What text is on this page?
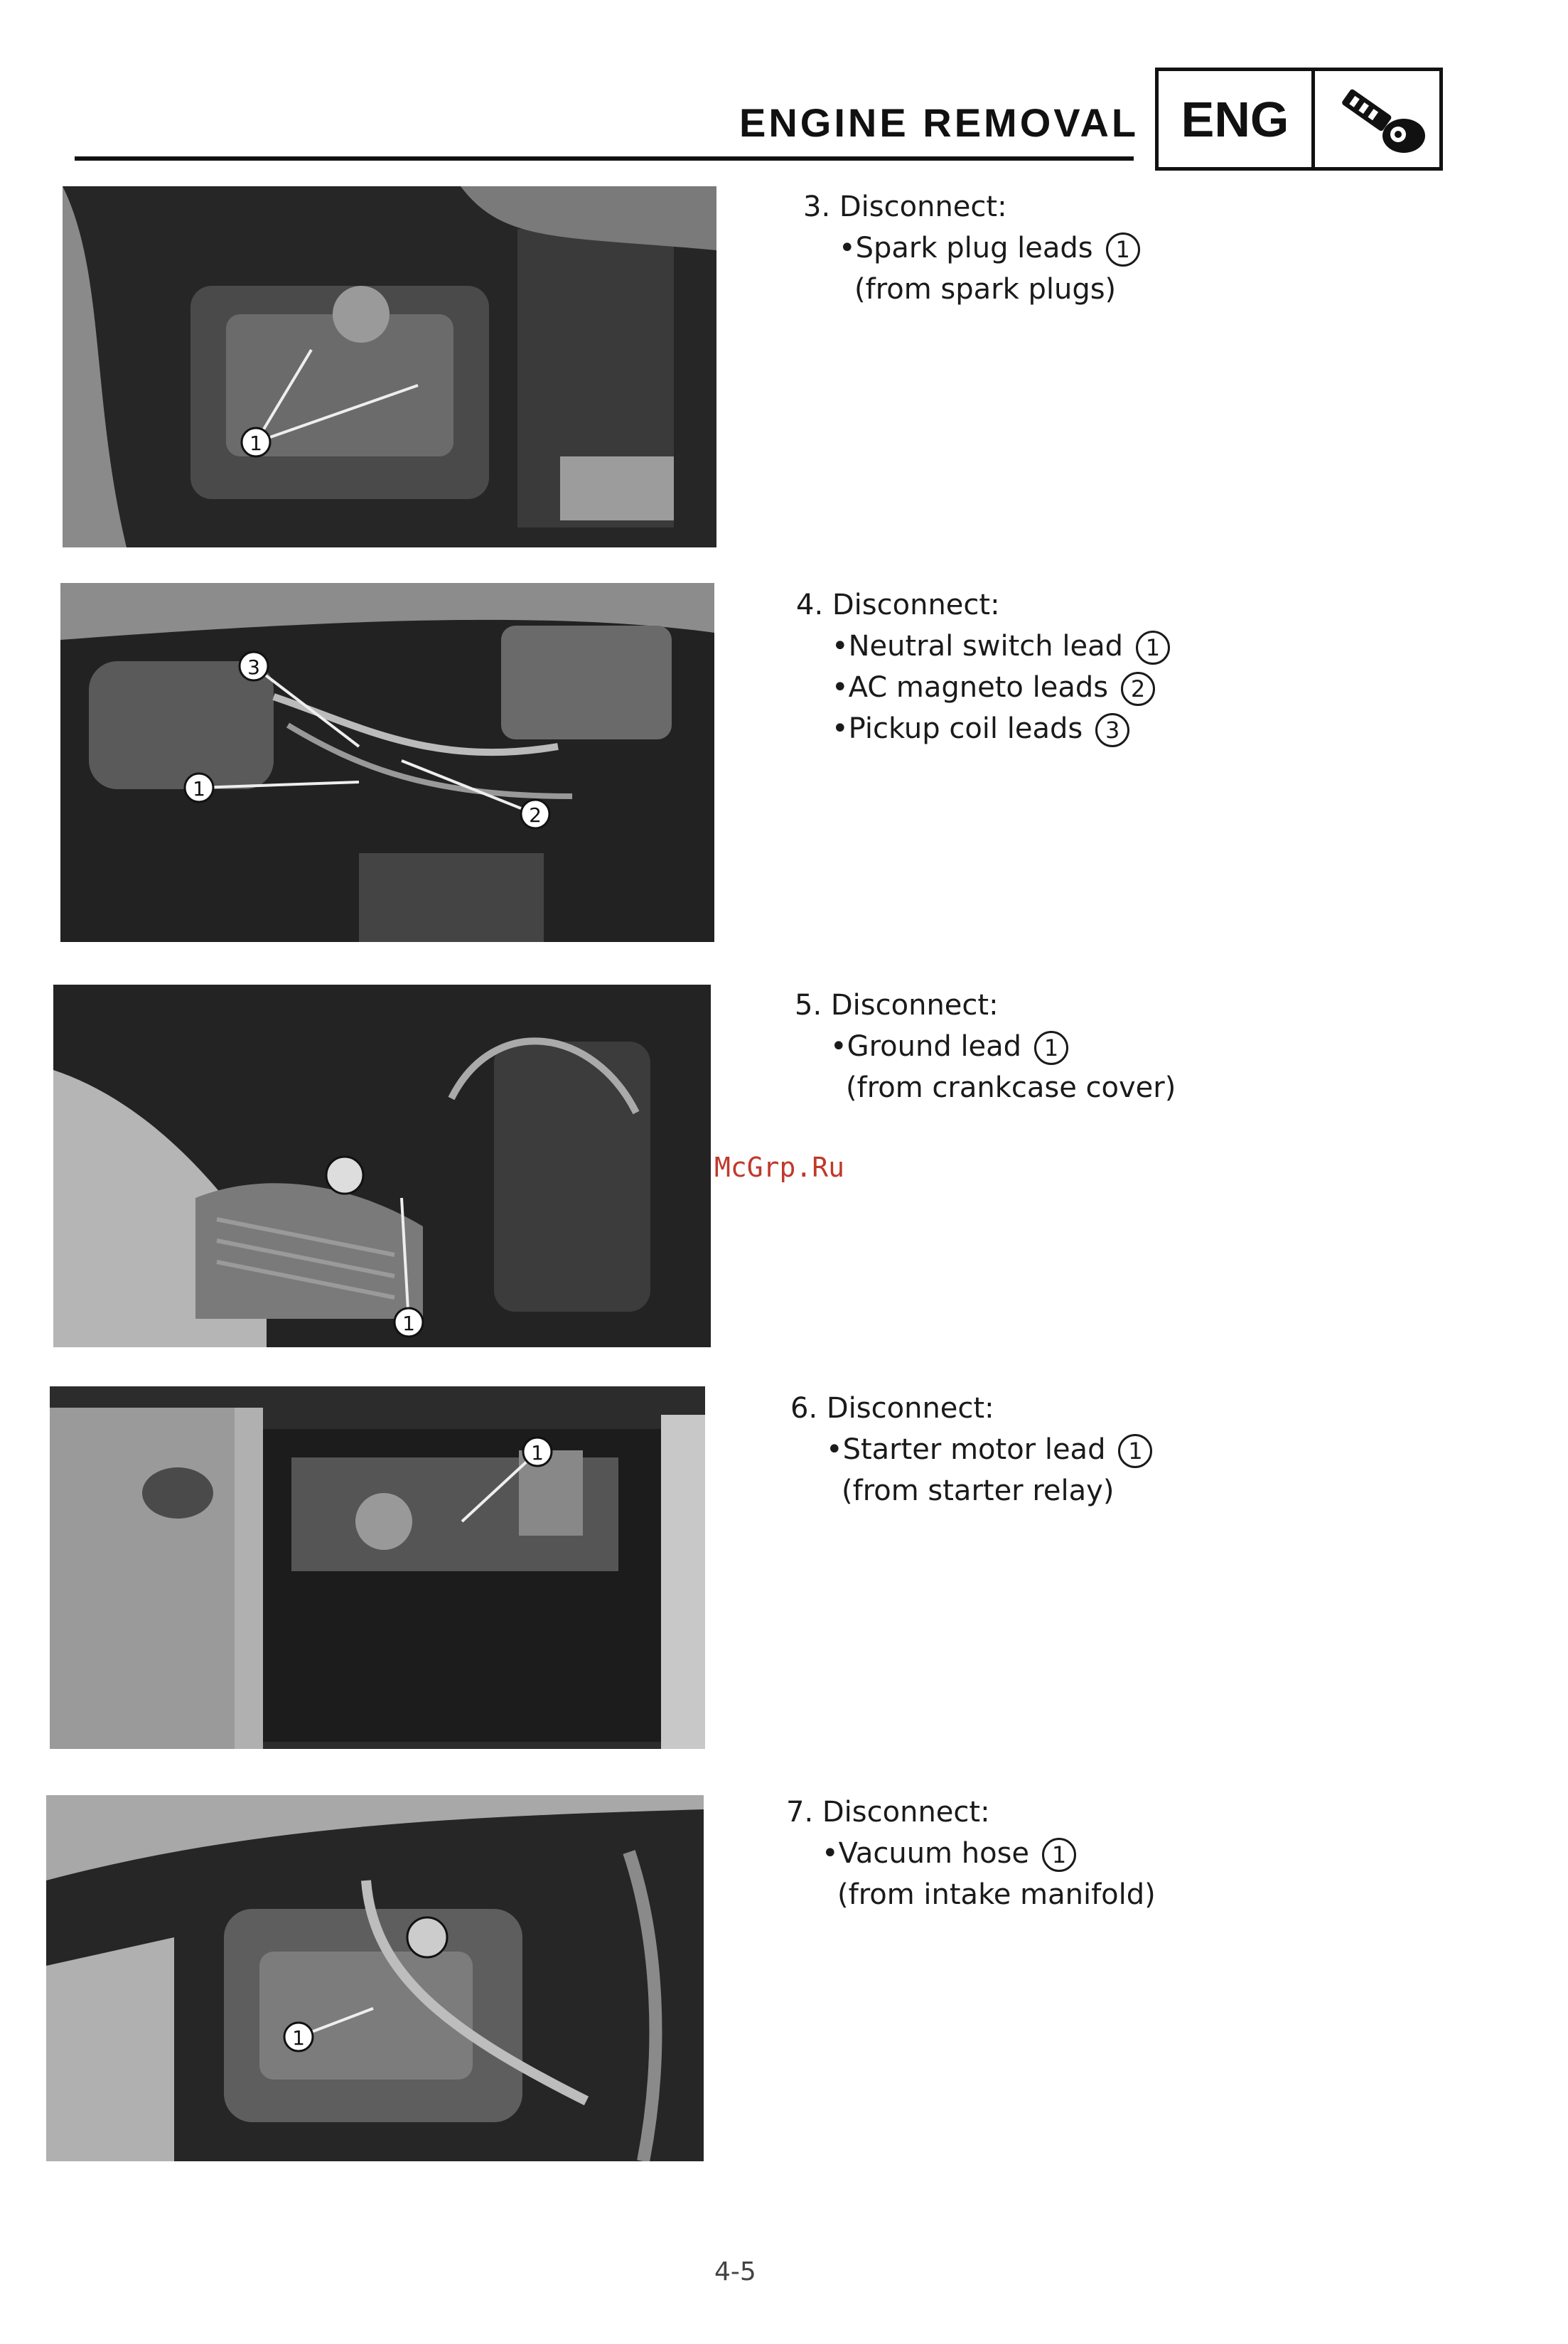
ENGINE REMOVAL ENG
1
3
1
2
1
1
1
3. Disconnect:
•Spark plug leads 1
(from spark plugs)
4. Disconnect:
•Neutral switch lead 1
•AC magneto leads 2
•Pickup coil leads 3
5. Disconnect:
•Ground lead 1
(from crankcase cover)
6. Disconnect:
•Starter motor lead 1
(from starter relay)
7. Disconnect:
•Vacuum hose 1
(from intake manifold)
McGrp.Ru
4-5
